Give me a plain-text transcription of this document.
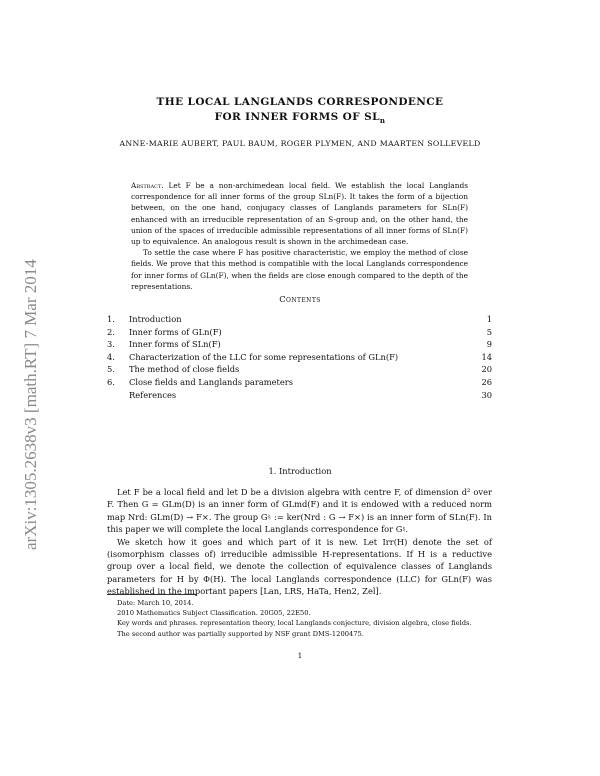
arXiv:1305.2638v3 [math.RT] 7 Mar 2014
THE LOCAL LANGLANDS CORRESPONDENCE
FOR INNER FORMS OF $SL_n$
ANNE-MARIE AUBERT, PAUL BAUM, ROGER PLYMEN, AND MAARTEN SOLLEVELD

Abstract. Let F be a non-archimedean local field. We establish the local Langlands correspondence for all inner forms of the group SLn(F). It takes the form of a bijection between, on the one hand, conjugacy classes of Langlands parameters for SLn(F) enhanced with an irreducible representation of an S-group and, on the other hand, the union of the spaces of irreducible admissible representations of all inner forms of SLn(F) up to equivalence. An analogous result is shown in the archimedean case.

To settle the case where F has positive characteristic, we employ the method of close fields. We prove that this method is compatible with the local Langlands correspondence for inner forms of GLn(F), when the fields are close enough compared to the depth of the representations.

Contents
1. Introduction	1
2. Inner forms of GLn(F)	5
3. Inner forms of SLn(F)	9
4. Characterization of the LLC for some representations of GLn(F)	14
5. The method of close fields	20
6. Close fields and Langlands parameters	26
References	30
1. Introduction

Let F be a local field and let D be a division algebra with centre F, of dimension d² over F. Then G = GLm(D) is an inner form of GLmd(F) and it is endowed with a reduced norm map Nrd: GLm(D) → F×. The group G♮ := ker(Nrd : G → F×) is an inner form of SLn(F). In this paper we will complete the local Langlands correspondence for G♮.

We sketch how it goes and which part of it is new. Let Irr(H) denote the set of (isomorphism classes of) irreducible admissible H-representations. If H is a reductive group over a local field, we denote the collection of equivalence classes of Langlands parameters for H by Φ(H). The local Langlands correspondence (LLC) for GLn(F) was established in the important papers [Lan, LRS, HaTa, Hen2, Zel].

Date: March 10, 2014.

2010 Mathematics Subject Classification. 20G05, 22E50.

Key words and phrases. representation theory, local Langlands conjecture, division algebra, close fields.

The second author was partially supported by NSF grant DMS-1200475.

1
